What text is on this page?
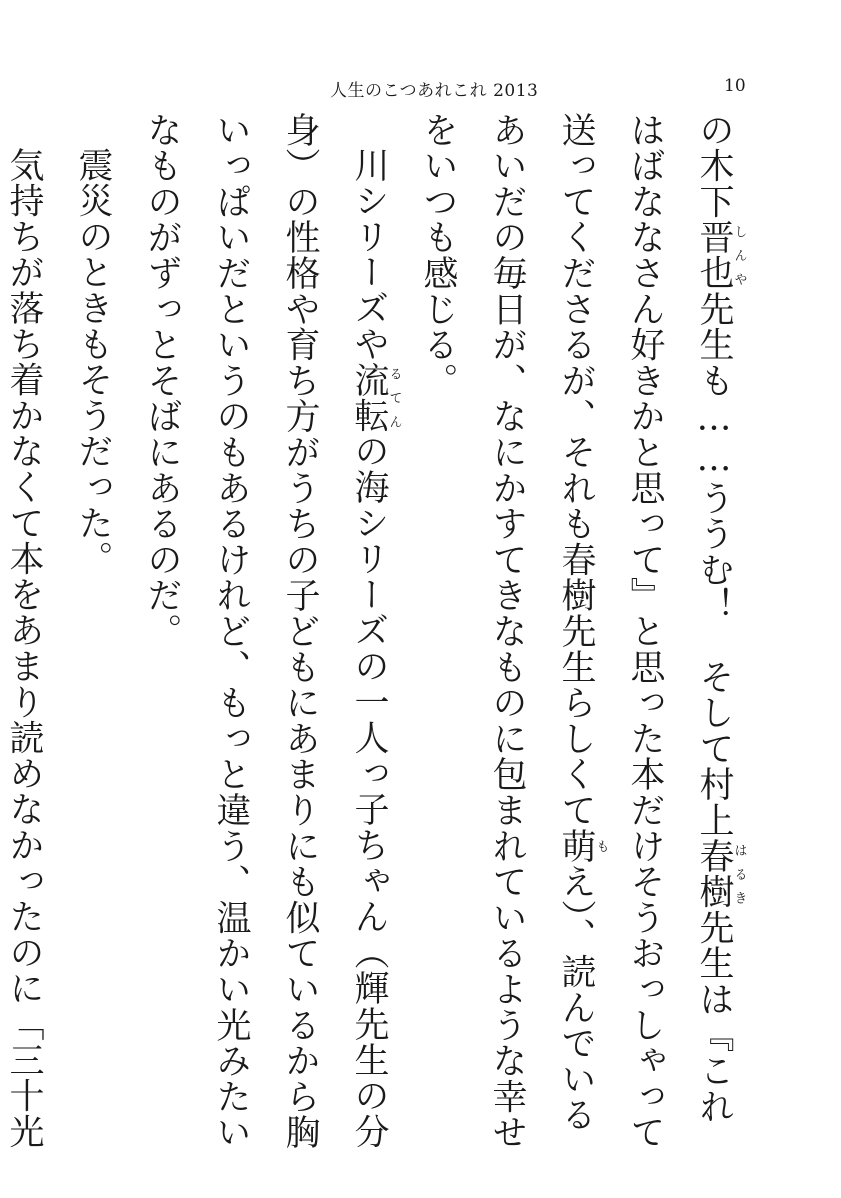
人生のこつあれこれ 2013	10

の木下晋也しんや先生も……ううむ！　そして村上春樹はるき先生は『これはばななさん好きかと思って』と思った本だけそうおっしゃって送ってくださるが、それも春樹先生らしくて萌もえ）、読んでいるあいだの毎日が、なにかすてきなものに包まれているような幸せをいつも感じる。

川シリーズや流転るてんの海シリーズの一人っ子ちゃん（輝先生の分身）の性格や育ち方がうちの子どもにあまりにも似ているから胸いっぱいだというのもあるけれど、もっと違う、温かい光みたいなものがずっとそばにあるのだ。

震災のときもそうだった。

気持ちが落ち着かなくて本をあまり読めなかったのに「三十光
